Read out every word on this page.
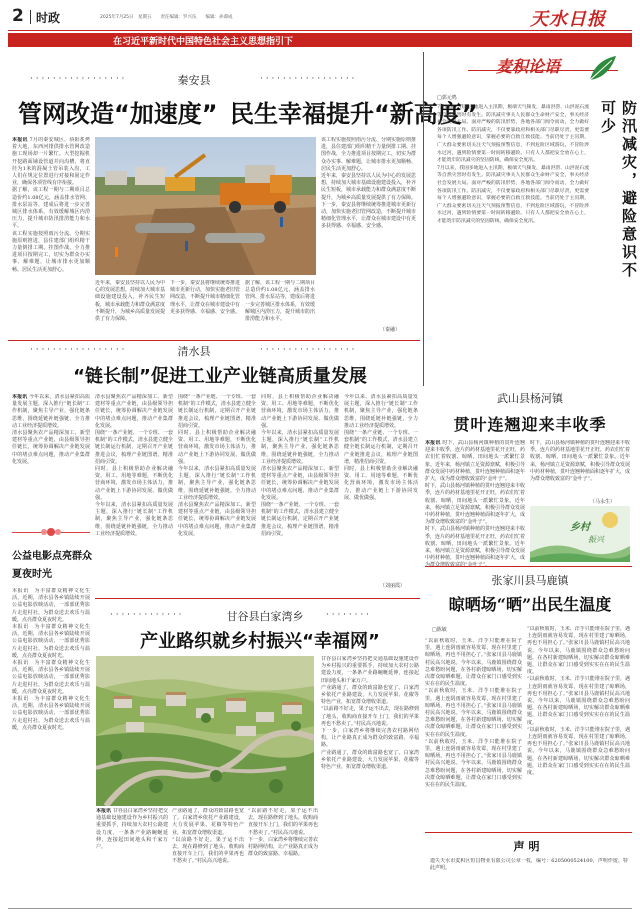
2 时政	2025年7月25日　星期五　　责任编辑：罗兴伍　　编辑：孙谭成	天水日报
在习近平新时代中国特色社会主义思想指引下
· · · · · · · · · · · · · · · · ·	秦安县	· · · · · · · · · · · · · · · · ·
管网改造“加速度” 民生幸福提升“新高度”
本报讯 7月的秦安城区，骄阳炙烤着大地，东西河排供排水管网改造施工现场却一片繁忙。大型挖掘机开挖路面铺设管道并向沟槽，将直径为1米的混凝土管吊装入沟，工人们在规定位置进行对接和固定作业，确保各项管线有序衔接。
据了解，该工程一期与二期项目总造价约1.08亿元，涵盖排水管网、排水泵站等，建成后将进一步完善城区排水体系，有效缓解城区内涝压力，提升城市防汛排涝能力和水平。
该工程实施按照雨污分流、分期实施原则推进，县住建部门组织精干力量倒排工期、挂图作战，全力推进项目按期完工，切实为群众办实事、解难题，让城市排水更加顺畅、居民生活更加舒心。
近年来，秦安县坚持以人民为中心的发展思想，持续加大城市基础设施建设投入，补齐民生短板，城市承载能力和群众满意度不断提升，为城乡高质量发展提供了有力保障。
下一步，秦安县将继续统筹推进城市更新行动，加快实施老旧管网改造，不断提升城市精细化管理水平，让群众在城市建设中有更多获得感、幸福感、安全感。
据了解，该工程一期与二期项目总造价约1.08亿元，涵盖排水管网、排水泵站等，建成后将进一步完善城区排水体系，有效缓解城区内涝压力，提升城市防汛排涝能力和水平。
该工程实施按照雨污分流、分期实施原则推进，县住建部门组织精干力量倒排工期、挂图作战，全力推进项目按期完工，切实为群众办实事、解难题，让城市排水更加顺畅、居民生活更加舒心。
近年来，秦安县坚持以人民为中心的发展思想，持续加大城市基础设施建设投入，补齐民生短板，城市承载能力和群众满意度不断提升，为城乡高质量发展提供了有力保障。
下一步，秦安县将继续统筹推进城市更新行动，加快实施老旧管网改造，不断提升城市精细化管理水平，让群众在城市建设中有更多获得感、幸福感、安全感。
（秦融）
麦积论语
□郭元鸣
7月以来，我国多地进入主汛期，极端天气频发，暴雨洪涝、山洪泥石流等自然灾害时有发生。防汛减灾事关人民群众生命财产安全，事关经济社会发展大局。面对严峻的防汛形势，各地各部门闻令而动，全力做好各项防汛工作。防汛减灾，不仅要靠政府和相关部门尽职尽责，更需要每个人增强避险意识，掌握必要的自救互救技能。当前仍处于主汛期，广大群众要密切关注天气预报预警信息，不到危险区域游玩，不冒险涉水过河，遇到险情要第一时间转移避险。只有人人都把安全放在心上，才能筑牢防汛减灾的坚固防线，确保安全度汛。
7月以来，我国多地进入主汛期，极端天气频发，暴雨洪涝、山洪泥石流等自然灾害时有发生。防汛减灾事关人民群众生命财产安全，事关经济社会发展大局。面对严峻的防汛形势，各地各部门闻令而动，全力做好各项防汛工作。防汛减灾，不仅要靠政府和相关部门尽职尽责，更需要每个人增强避险意识，掌握必要的自救互救技能。当前仍处于主汛期，广大群众要密切关注天气预报预警信息，不到危险区域游玩，不冒险涉水过河，遇到险情要第一时间转移避险。只有人人都把安全放在心上，才能筑牢防汛减灾的坚固防线，确保安全度汛。	防汛减灾，避险意识不可少
· · · · · · · · · · · · · · · · ·	清水县	· · · · · · · · · · · · · · · · ·
“链长制”促进工业产业链高质量发展
本报讯 今年以来，清水县紧扣高质量发展主题，深入推行“链长制”工作机制，聚焦主导产业，强化链条思维，围绕延链补链强链，全力推动工业经济提质增效。
清水县聚焦农产品精深加工、新型建材等重点产业链，由县级领导担任链长，统筹协调解决产业链发展中的堵点难点问题，推动产业集群化发展。
清水县聚焦农产品精深加工、新型建材等重点产业链，由县级领导担任链长，统筹协调解决产业链发展中的堵点难点问题，推动产业集群化发展。
围绕“一条产业链、一个专班、一套机制”的工作模式，清水县建立健全链长制运行机制，定期召开产业链推进会议，梳理产业链图谱，精准招商引资。
同时，县上积极帮助企业解决融资、用工、用地等难题，不断优化营商环境，激发市场主体活力，推动产业链上下游协同发展、做优做强。
今年以来，清水县紧扣高质量发展主题，深入推行“链长制”工作机制，聚焦主导产业，强化链条思维，围绕延链补链强链，全力推动工业经济提质增效。
围绕“一条产业链、一个专班、一套机制”的工作模式，清水县建立健全链长制运行机制，定期召开产业链推进会议，梳理产业链图谱，精准招商引资。
同时，县上积极帮助企业解决融资、用工、用地等难题，不断优化营商环境，激发市场主体活力，推动产业链上下游协同发展、做优做强。
今年以来，清水县紧扣高质量发展主题，深入推行“链长制”工作机制，聚焦主导产业，强化链条思维，围绕延链补链强链，全力推动工业经济提质增效。
清水县聚焦农产品精深加工、新型建材等重点产业链，由县级领导担任链长，统筹协调解决产业链发展中的堵点难点问题，推动产业集群化发展。
同时，县上积极帮助企业解决融资、用工、用地等难题，不断优化营商环境，激发市场主体活力，推动产业链上下游协同发展、做优做强。
今年以来，清水县紧扣高质量发展主题，深入推行“链长制”工作机制，聚焦主导产业，强化链条思维，围绕延链补链强链，全力推动工业经济提质增效。
清水县聚焦农产品精深加工、新型建材等重点产业链，由县级领导担任链长，统筹协调解决产业链发展中的堵点难点问题，推动产业集群化发展。
围绕“一条产业链、一个专班、一套机制”的工作模式，清水县建立健全链长制运行机制，定期召开产业链推进会议，梳理产业链图谱，精准招商引资。
今年以来，清水县紧扣高质量发展主题，深入推行“链长制”工作机制，聚焦主导产业，强化链条思维，围绕延链补链强链，全力推动工业经济提质增效。
围绕“一条产业链、一个专班、一套机制”的工作模式，清水县建立健全链长制运行机制，定期召开产业链推进会议，梳理产业链图谱，精准招商引资。
同时，县上积极帮助企业解决融资、用工、用地等难题，不断优化营商环境，激发市场主体活力，推动产业链上下游协同发展、做优做强。
（刘丽霞）
公益电影点亮群众夏夜时光
本报讯　为丰富群众精神文化生活，近期，清水县各乡镇陆续开展公益电影放映活动，一部部优秀影片走进村社，为群众送去欢乐与温暖，点亮群众夏夜时光。
本报讯　为丰富群众精神文化生活，近期，清水县各乡镇陆续开展公益电影放映活动，一部部优秀影片走进村社，为群众送去欢乐与温暖，点亮群众夏夜时光。
本报讯　为丰富群众精神文化生活，近期，清水县各乡镇陆续开展公益电影放映活动，一部部优秀影片走进村社，为群众送去欢乐与温暖，点亮群众夏夜时光。
本报讯　为丰富群众精神文化生活，近期，清水县各乡镇陆续开展公益电影放映活动，一部部优秀影片走进村社，为群众送去欢乐与温暖，点亮群众夏夜时光。
武山县杨河镇
贯叶连翘迎来丰收季
本报讯 时下，武山县杨河镇种植的贯叶连翘迎来丰收季，连片的药材基地里花开正旺，药农们忙着收割、晾晒，田间地头一派繁忙景象。近年来，杨河镇立足资源禀赋，积极引导群众发展中药材种植，贯叶连翘种植面积逐年扩大，成为群众增收致富的“金叶子”。
时下，武山县杨河镇种植的贯叶连翘迎来丰收季，连片的药材基地里花开正旺，药农们忙着收割、晾晒，田间地头一派繁忙景象。近年来，杨河镇立足资源禀赋，积极引导群众发展中药材种植，贯叶连翘种植面积逐年扩大，成为群众增收致富的“金叶子”。
时下，武山县杨河镇种植的贯叶连翘迎来丰收季，连片的药材基地里花开正旺，药农们忙着收割、晾晒，田间地头一派繁忙景象。近年来，杨河镇立足资源禀赋，积极引导群众发展中药材种植，贯叶连翘种植面积逐年扩大，成为群众增收致富的“金叶子”。
时下，武山县杨河镇种植的贯叶连翘迎来丰收季，连片的药材基地里花开正旺，药农们忙着收割、晾晒，田间地头一派繁忙景象。近年来，杨河镇立足资源禀赋，积极引导群众发展中药材种植，贯叶连翘种植面积逐年扩大，成为群众增收致富的“金叶子”。
（马永生）
乡村
振兴
张家川县马鹿镇
晾晒场“晒”出民生温度
□陈敏
“以前秋收时，玉米、洋芋只能堆在院子里，遇上连阴雨就容易发霉，现在村里建了晾晒场，再也不用担心了。”张家川县马鹿镇村民高兴地说。今年以来，马鹿镇围绕群众急难愁盼问题，在各村新建晾晒场，切实解决群众晾晒难题，让群众在家门口感受到实实在在的民生温度。
“以前秋收时，玉米、洋芋只能堆在院子里，遇上连阴雨就容易发霉，现在村里建了晾晒场，再也不用担心了。”张家川县马鹿镇村民高兴地说。今年以来，马鹿镇围绕群众急难愁盼问题，在各村新建晾晒场，切实解决群众晾晒难题，让群众在家门口感受到实实在在的民生温度。
“以前秋收时，玉米、洋芋只能堆在院子里，遇上连阴雨就容易发霉，现在村里建了晾晒场，再也不用担心了。”张家川县马鹿镇村民高兴地说。今年以来，马鹿镇围绕群众急难愁盼问题，在各村新建晾晒场，切实解决群众晾晒难题，让群众在家门口感受到实实在在的民生温度。
“以前秋收时，玉米、洋芋只能堆在院子里，遇上连阴雨就容易发霉，现在村里建了晾晒场，再也不用担心了。”张家川县马鹿镇村民高兴地说。今年以来，马鹿镇围绕群众急难愁盼问题，在各村新建晾晒场，切实解决群众晾晒难题，让群众在家门口感受到实实在在的民生温度。
“以前秋收时，玉米、洋芋只能堆在院子里，遇上连阴雨就容易发霉，现在村里建了晾晒场，再也不用担心了。”张家川县马鹿镇村民高兴地说。今年以来，马鹿镇围绕群众急难愁盼问题，在各村新建晾晒场，切实解决群众晾晒难题，让群众在家门口感受到实实在在的民生温度。
“以前秋收时，玉米、洋芋只能堆在院子里，遇上连阴雨就容易发霉，现在村里建了晾晒场，再也不用担心了。”张家川县马鹿镇村民高兴地说。今年以来，马鹿镇围绕群众急难愁盼问题，在各村新建晾晒场，切实解决群众晾晒难题，让群众在家门口感受到实实在在的民生温度。
· · · · · · · · · · · · ·	甘谷县白家湾乡	· · · · · · · ·
产业路织就乡村振兴“幸福网”
本报讯 甘谷县白家湾乡坚持把交通基础设施建设作为乡村振兴的重要抓手，持续加大农村公路建设力度，一条条产业路蜿蜒延伸，连接起田间地头和千家万户。
产业路通了，群众的致富路也宽了。白家湾乡依托产业路建设，大力发展苹果、花椒等特色产业，拓宽群众增收渠道。
“以前路不好走，果子运不出去，现在路修到了地头，收购商直接开车上门，我们的苹果再也不愁卖了。”村民高兴地说。
“以前路不好走，果子运不出去，现在路修到了地头，收购商直接开车上门，我们的苹果再也不愁卖了。”村民高兴地说。
下一步，白家湾乡将继续完善农村路网结构，让产业路真正成为群众的致富路、幸福路。
甘谷县白家湾乡坚持把交通基础设施建设作为乡村振兴的重要抓手，持续加大农村公路建设力度，一条条产业路蜿蜒延伸，连接起田间地头和千家万户。
产业路通了，群众的致富路也宽了。白家湾乡依托产业路建设，大力发展苹果、花椒等特色产业，拓宽群众增收渠道。
“以前路不好走，果子运不出去，现在路修到了地头，收购商直接开车上门，我们的苹果再也不愁卖了。”村民高兴地说。
下一步，白家湾乡将继续完善农村路网结构，让产业路真正成为群众的致富路、幸福路。
产业路通了，群众的致富路也宽了。白家湾乡依托产业路建设，大力发展苹果、花椒等特色产业，拓宽群众增收渠道。
声明
遗失天水市麦积区恒昌物业有限公司公章一枚，编号：6205000524100，声明作废。特此声明。
